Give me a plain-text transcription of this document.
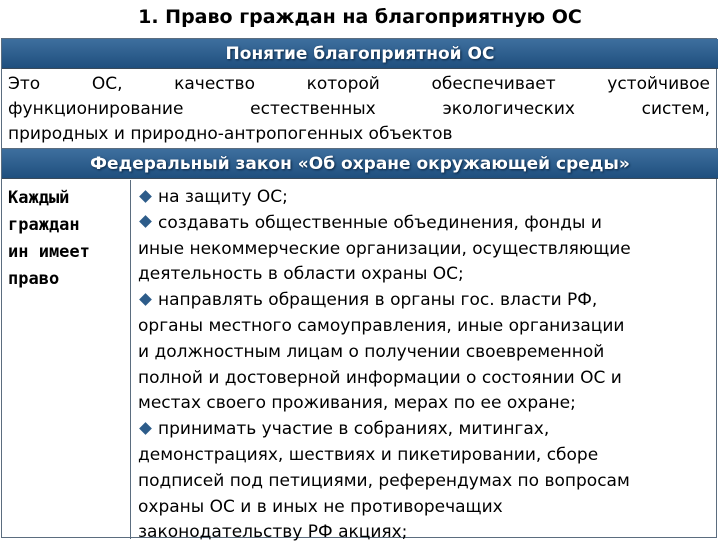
1. Право граждан на благоприятную ОС
Понятие благоприятной ОС
Это ОС, качество которой обеспечивает устойчивое
функционирование естественных экологических систем,
природных и природно-антропогенных объектов
Федеральный закон «Об охране окружающей среды»
Каждый
граждан
ин имеет
право
на защиту ОС;
создавать общественные объединения, фонды и
иные некоммерческие организации, осуществляющие
деятельность в области охраны ОС;
направлять обращения в органы гос. власти РФ,
органы местного самоуправления, иные организации
и должностным лицам о получении своевременной
полной и достоверной информации о состоянии ОС и
местах своего проживания, мерах по ее охране;
принимать участие в собраниях, митингах,
демонстрациях, шествиях и пикетировании, сборе
подписей под петициями, референдумах по вопросам
охраны ОС и в иных не противоречащих
законодательству РФ акциях;
